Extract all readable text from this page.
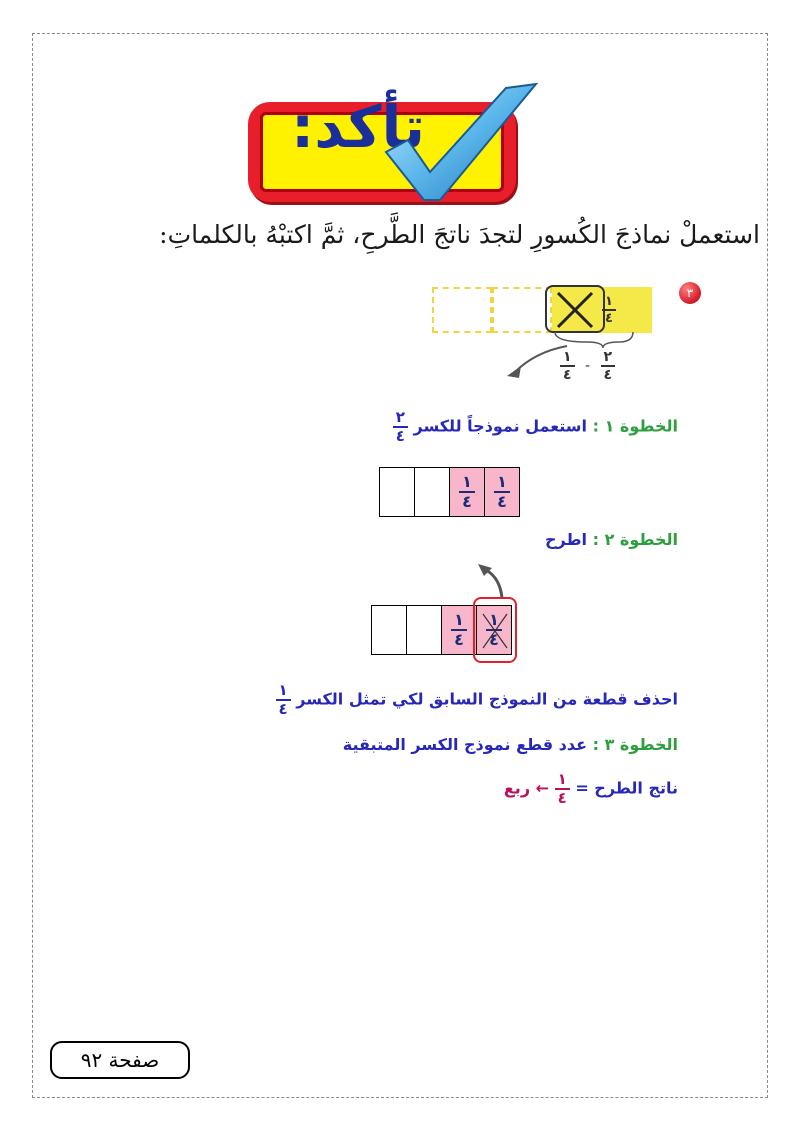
تأكد:
استعملْ نماذجَ الكُسورِ لتجدَ ناتجَ الطَّرحِ، ثمَّ اكتبْهُ بالكلماتِ:
٣
$\frac{١}{٤}$
$\frac{١}{٤} - \frac{٢}{٤}$
الخطوة ١ : استعمل نموذجاً للكسر
$\frac{٢}{٤}$
$\frac{١}{٤} \frac{١}{٤}$
الخطوة ٢ : اطرح
$\frac{١}{٤} \frac{١}{٤}$
احذف قطعة من النموذج السابق لكي تمثل الكسر
$\frac{١}{٤}$
الخطوة ٣ : عدد قطع نموذج الكسر المتبقية
ناتج الطرح =
$\frac{١}{٤}$
← ربع
صفحة ٩٢
